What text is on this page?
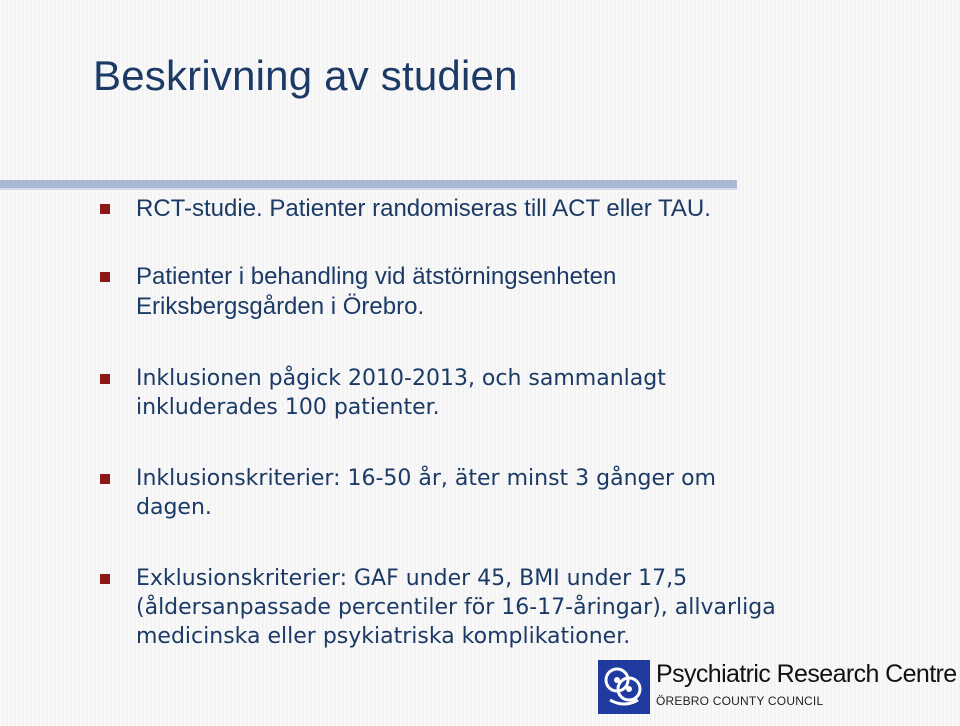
Beskrivning av studien

RCT-studie. Patienter randomiseras till ACT eller TAU.

Patienter i behandling vid ätstörningsenheten
Eriksbergsgården i Örebro.

Inklusionen pågick 2010-2013, och sammanlagt
inkluderades 100 patienter.

Inklusionskriterier: 16-50 år, äter minst 3 gånger om
dagen.

Exklusionskriterier: GAF under 45, BMI under 17,5
(åldersanpassade percentiler för 16-17-åringar), allvarliga
medicinska eller psykiatriska komplikationer.

Psychiatric Research Centre

ÖREBRO COUNTY COUNCIL
